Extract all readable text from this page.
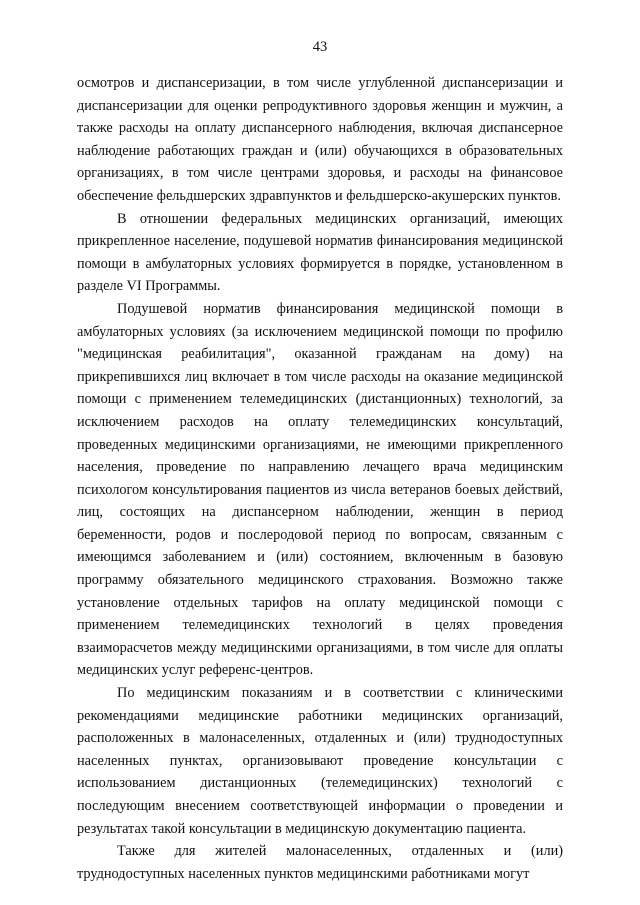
43

осмотров и диспансеризации, в том числе углубленной диспансеризации и диспансеризации для оценки репродуктивного здоровья женщин и мужчин, а также расходы на оплату диспансерного наблюдения, включая диспансерное наблюдение работающих граждан и (или) обучающихся в образовательных организациях, в том числе центрами здоровья, и расходы на финансовое обеспечение фельдшерских здравпунктов и фельдшерско-акушерских пунктов.

В отношении федеральных медицинских организаций, имеющих прикрепленное население, подушевой норматив финансирования медицинской помощи в амбулаторных условиях формируется в порядке, установленном в разделе VI Программы.

Подушевой норматив финансирования медицинской помощи в амбулаторных условиях (за исключением медицинской помощи по профилю "медицинская реабилитация", оказанной гражданам на дому) на прикрепившихся лиц включает в том числе расходы на оказание медицинской помощи с применением телемедицинских (дистанционных) технологий, за исключением расходов на оплату телемедицинских консультаций, проведенных медицинскими организациями, не имеющими прикрепленного населения, проведение по направлению лечащего врача медицинским психологом консультирования пациентов из числа ветеранов боевых действий, лиц, состоящих на диспансерном наблюдении, женщин в период беременности, родов и послеродовой период по вопросам, связанным с имеющимся заболеванием и (или) состоянием, включенным в базовую программу обязательного медицинского страхования. Возможно также установление отдельных тарифов на оплату медицинской помощи с применением телемедицинских технологий в целях проведения взаиморасчетов между медицинскими организациями, в том числе для оплаты медицинских услуг референс-центров.

По медицинским показаниям и в соответствии с клиническими рекомендациями медицинские работники медицинских организаций, расположенных в малонаселенных, отдаленных и (или) труднодоступных населенных пунктах, организовывают проведение консультации с использованием дистанционных (телемедицинских) технологий с последующим внесением соответствующей информации о проведении и результатах такой консультации в медицинскую документацию пациента.

Также для жителей малонаселенных, отдаленных и (или) труднодоступных населенных пунктов медицинскими работниками могут
